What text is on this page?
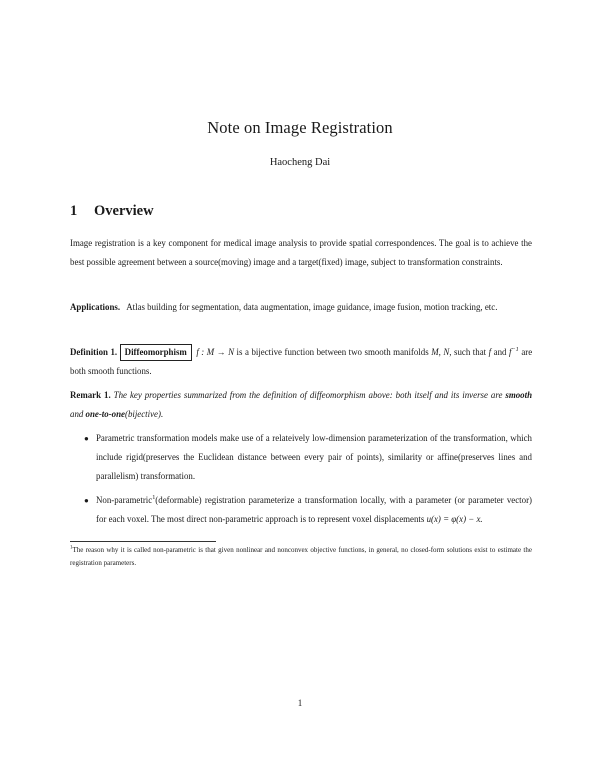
Note on Image Registration
Haocheng Dai
1 Overview
Image registration is a key component for medical image analysis to provide spatial correspondences. The goal is to achieve the best possible agreement between a source(moving) image and a target(fixed) image, subject to transformation constraints.
Applications. Atlas building for segmentation, data augmentation, image guidance, image fusion, motion tracking, etc.
Definition 1. Diffeomorphism f : M → N is a bijective function between two smooth manifolds M, N, such that f and $f^{-1}$ are both smooth functions.
Remark 1. The key properties summarized from the definition of diffeomorphism above: both itself and its inverse are smooth and one-to-one(bijective).
● Parametric transformation models make use of a relateively low-dimension parameterization of the transformation, which include rigid(preserves the Euclidean distance between every pair of points), similarity or affine(preserves lines and parallelism) transformation.
● Non-parametric$^1$(deformable) registration parameterize a transformation locally, with a parameter (or parameter vector) for each voxel. The most direct non-parametric approach is to represent voxel displacements u(x) = φ(x) − x.
$^1$The reason why it is called non-parametric is that given nonlinear and nonconvex objective functions, in general, no closed-form solutions exist to estimate the registration parameters.
1
